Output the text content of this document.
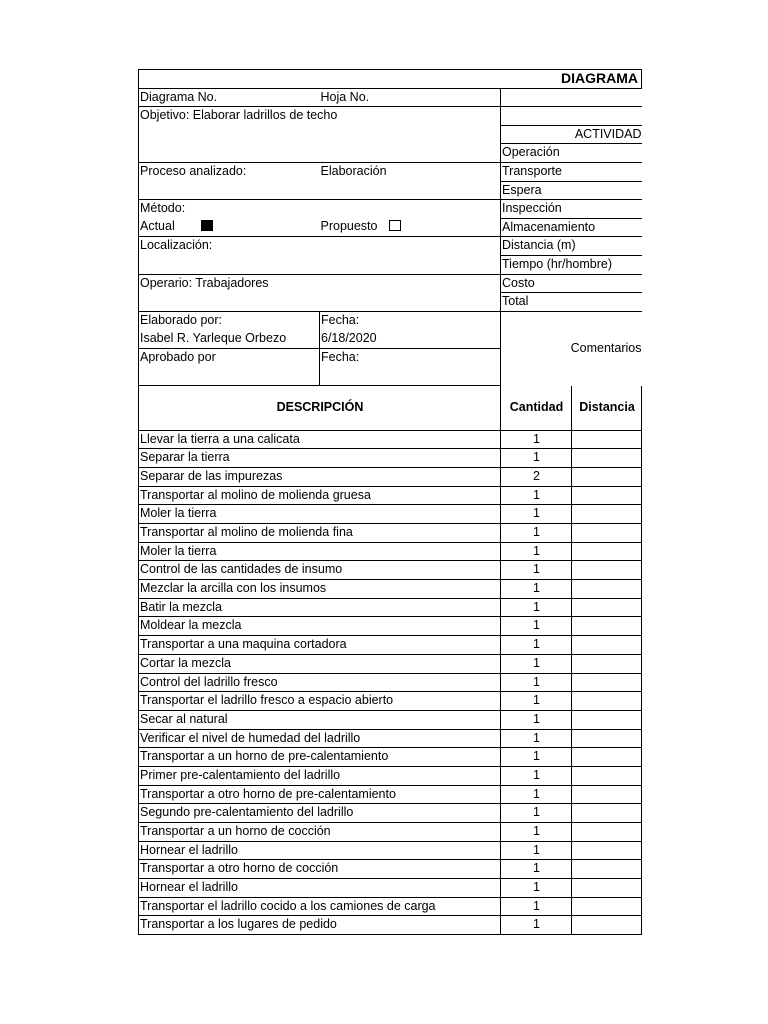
DIAGRAMA		
Diagrama No.	Hoja No.	
Objetivo: Elaborar ladrillos de techo		
		ACTIVIDAD
		Operación
Proceso analizado:	Elaboración	Transporte
		Espera
Método:		Inspección
Actual	Propuesto	Almacenamiento
Localización:		Distancia (m)
		Tiempo (hr/hombre)
Operario: Trabajadores		Costo
		Total
Elaborado por:	Fecha:	Comentarios
Isabel R. Yarleque Orbezo	6/18/2020	
Aprobado por	Fecha:	

DESCRIPCIÓN	Cantidad	Distancia
Llevar la tierra a una calicata	1	
Separar la tierra	1	
Separar de las impurezas	2	
Transportar al molino de molienda gruesa	1	
Moler la tierra	1	
Transportar al molino de molienda fina	1	
Moler la tierra	1	
Control de las cantidades de insumo	1	
Mezclar la arcilla con los insumos	1	
Batir la mezcla	1	
Moldear la mezcla	1	
Transportar a una maquina cortadora	1	
Cortar la mezcla	1	
Control del ladrillo fresco	1	
Transportar el ladrillo fresco a espacio abierto	1	
Secar al natural	1	
Verificar el nivel de humedad del ladrillo	1	
Transportar a un horno de pre-calentamiento	1	
Primer pre-calentamiento del ladrillo	1	
Transportar a otro horno de pre-calentamiento	1	
Segundo pre-calentamiento del ladrillo	1	
Transportar a un horno de cocción	1	
Hornear el ladrillo	1	
Transportar a otro horno de cocción	1	
Hornear el ladrillo	1	
Transportar el ladrillo cocido a los camiones de carga	1	
Transportar a los lugares de pedido	1	
